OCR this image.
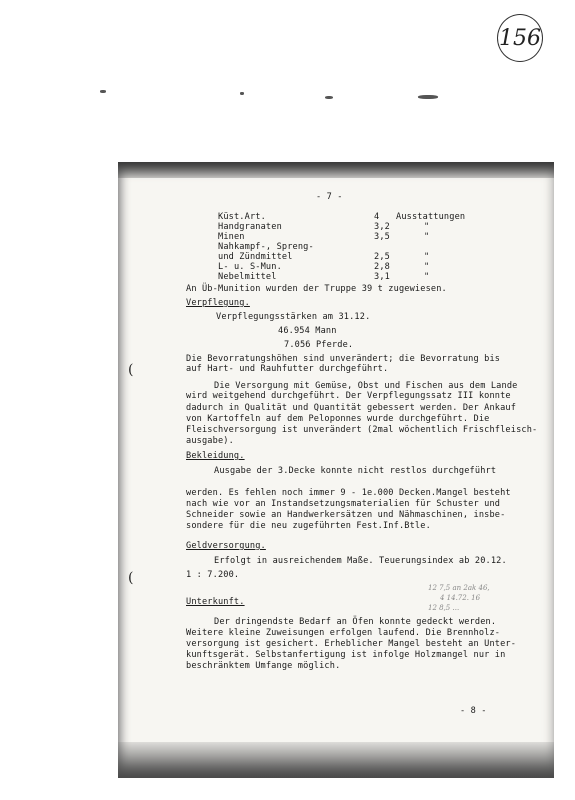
156
- 7 -
Küst.Art.	4 Ausstattungen
Handgranaten	3,2	"
Minen	3,5	"
Nahkampf-, Spreng-
und Zündmittel	2,5	"
L- u. S-Mun.	2,8	"
Nebelmittel	3,1	"
An Üb-Munition wurden der Truppe 39 t zugewiesen.
Verpflegung.
Verpflegungsstärken am 31.12.
46.954 Mann
7.056 Pferde.
Die Bevorratungshöhen sind unverändert; die Bevorratung bis
auf Hart- und Rauhfutter durchgeführt.
Die Versorgung mit Gemüse, Obst und Fischen aus dem Lande
wird weitgehend durchgeführt. Der Verpflegungssatz III konnte
dadurch in Qualität und Quantität gebessert werden. Der Ankauf
von Kartoffeln auf dem Peloponnes wurde durchgeführt. Die
Fleischversorgung ist unverändert (2mal wöchentlich Frischfleisch-
ausgabe).
Bekleidung.
Ausgabe der 3.Decke konnte nicht restlos durchgeführt
werden. Es fehlen noch immer 9 - 1e.000 Decken.Mangel besteht
nach wie vor an Instandsetzungsmaterialien für Schuster und
Schneider sowie an Handwerkersätzen und Nähmaschinen, insbe-
sondere für die neu zugeführten Fest.Inf.Btle.
Geldversorgung.
Erfolgt in ausreichendem Maße. Teuerungsindex ab 20.12.
1 : 7.200.
Unterkunft.
Der dringendste Bedarf an Öfen konnte gedeckt werden.
Weitere kleine Zuweisungen erfolgen laufend. Die Brennholz-
versorgung ist gesichert. Erheblicher Mangel besteht an Unter-
kunftsgerät. Selbstanfertigung ist infolge Holzmangel nur in
beschränktem Umfange möglich.
12 7,5 an 2ak 46,
4 14.72. 16
12 8,5 ...
(
(
- 8 -
